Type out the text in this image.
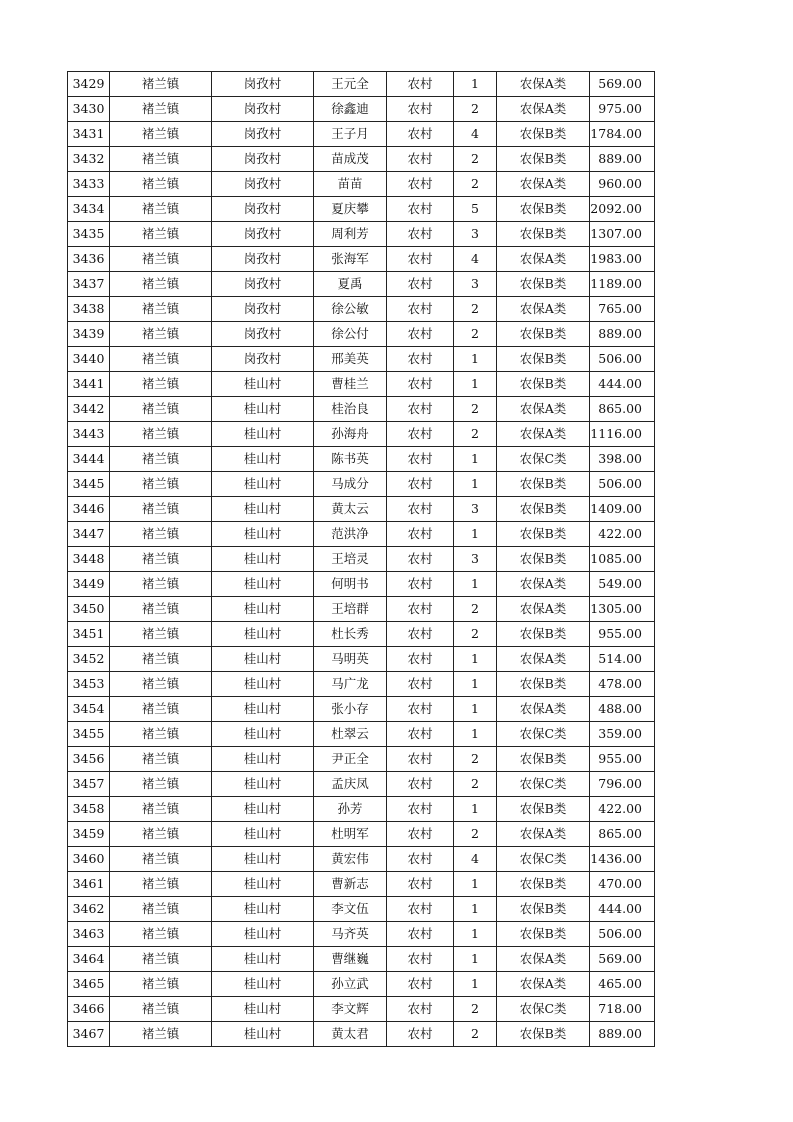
3429	褚兰镇	岗孜村	王元全	农村	1	农保A类	569.00
3430	褚兰镇	岗孜村	徐鑫迪	农村	2	农保A类	975.00
3431	褚兰镇	岗孜村	王子月	农村	4	农保B类	1784.00
3432	褚兰镇	岗孜村	苗成茂	农村	2	农保B类	889.00
3433	褚兰镇	岗孜村	苗苗	农村	2	农保A类	960.00
3434	褚兰镇	岗孜村	夏庆攀	农村	5	农保B类	2092.00
3435	褚兰镇	岗孜村	周利芳	农村	3	农保B类	1307.00
3436	褚兰镇	岗孜村	张海军	农村	4	农保A类	1983.00
3437	褚兰镇	岗孜村	夏禹	农村	3	农保B类	1189.00
3438	褚兰镇	岗孜村	徐公敏	农村	2	农保A类	765.00
3439	褚兰镇	岗孜村	徐公付	农村	2	农保B类	889.00
3440	褚兰镇	岗孜村	邢美英	农村	1	农保B类	506.00
3441	褚兰镇	桂山村	曹桂兰	农村	1	农保B类	444.00
3442	褚兰镇	桂山村	桂治良	农村	2	农保A类	865.00
3443	褚兰镇	桂山村	孙海舟	农村	2	农保A类	1116.00
3444	褚兰镇	桂山村	陈书英	农村	1	农保C类	398.00
3445	褚兰镇	桂山村	马成分	农村	1	农保B类	506.00
3446	褚兰镇	桂山村	黄太云	农村	3	农保B类	1409.00
3447	褚兰镇	桂山村	范洪净	农村	1	农保B类	422.00
3448	褚兰镇	桂山村	王培灵	农村	3	农保B类	1085.00
3449	褚兰镇	桂山村	何明书	农村	1	农保A类	549.00
3450	褚兰镇	桂山村	王培群	农村	2	农保A类	1305.00
3451	褚兰镇	桂山村	杜长秀	农村	2	农保B类	955.00
3452	褚兰镇	桂山村	马明英	农村	1	农保A类	514.00
3453	褚兰镇	桂山村	马广龙	农村	1	农保B类	478.00
3454	褚兰镇	桂山村	张小存	农村	1	农保A类	488.00
3455	褚兰镇	桂山村	杜翠云	农村	1	农保C类	359.00
3456	褚兰镇	桂山村	尹正全	农村	2	农保B类	955.00
3457	褚兰镇	桂山村	孟庆凤	农村	2	农保C类	796.00
3458	褚兰镇	桂山村	孙芳	农村	1	农保B类	422.00
3459	褚兰镇	桂山村	杜明军	农村	2	农保A类	865.00
3460	褚兰镇	桂山村	黄宏伟	农村	4	农保C类	1436.00
3461	褚兰镇	桂山村	曹新志	农村	1	农保B类	470.00
3462	褚兰镇	桂山村	李文伍	农村	1	农保B类	444.00
3463	褚兰镇	桂山村	马齐英	农村	1	农保B类	506.00
3464	褚兰镇	桂山村	曹继巍	农村	1	农保A类	569.00
3465	褚兰镇	桂山村	孙立武	农村	1	农保A类	465.00
3466	褚兰镇	桂山村	李文辉	农村	2	农保C类	718.00
3467	褚兰镇	桂山村	黄太君	农村	2	农保B类	889.00
